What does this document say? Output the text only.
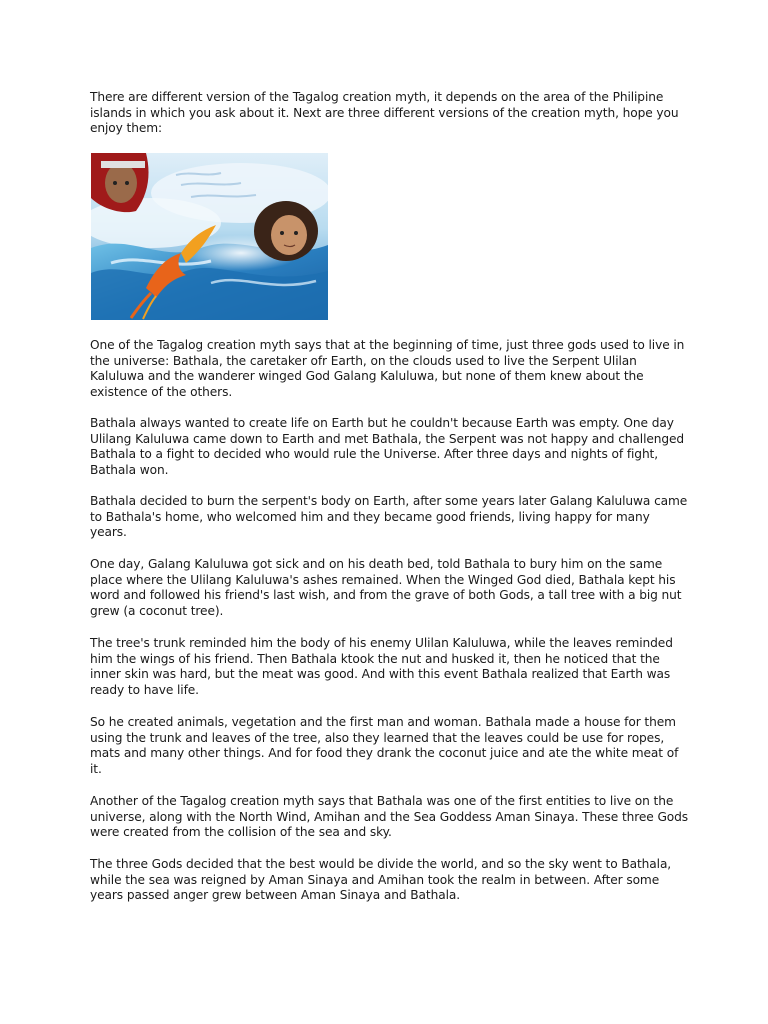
There are different version of the Tagalog creation myth, it depends on the area of the Philipine islands in which you ask about it. Next are three different versions of the creation myth, hope you enjoy them:

One of the Tagalog creation myth says that at the beginning of time, just three gods used to live in the universe: Bathala, the caretaker ofr Earth, on the clouds used to live the Serpent Ulilan Kaluluwa and the wanderer winged God Galang Kaluluwa, but none of them knew about the existence of the others.

Bathala always wanted to create life on Earth but he couldn't because Earth was empty. One day Ulilang Kaluluwa came down to Earth and met Bathala, the Serpent was not happy and challenged Bathala to a fight to decided who would rule the Universe. After three days and nights of fight, Bathala won.

Bathala decided to burn the serpent's body on Earth, after some years later Galang Kaluluwa came to Bathala's home, who welcomed him and they became good friends, living happy for many years.

One day, Galang Kaluluwa got sick and on his death bed, told Bathala to bury him on the same place where the Ulilang Kaluluwa's ashes remained. When the Winged God died, Bathala kept his word and followed his friend's last wish, and from the grave of both Gods, a tall tree with a big nut grew (a coconut tree).

The tree's trunk reminded him the body of his enemy Ulilan Kaluluwa, while the leaves reminded him the wings of his friend. Then Bathala ktook the nut and husked it, then he noticed that the inner skin was hard, but the meat was good. And with this event Bathala realized that Earth was ready to have life.

So he created animals, vegetation and the first man and woman. Bathala made a house for them using the trunk and leaves of the tree, also they learned that the leaves could be use for ropes, mats and many other things. And for food they drank the coconut juice and ate the white meat of it.

Another of the Tagalog creation myth says that Bathala was one of the first entities to live on the universe, along with the North Wind, Amihan and the Sea Goddess Aman Sinaya. These three Gods were created from the collision of the sea and sky.

The three Gods decided that the best would be divide the world, and so the sky went to Bathala, while the sea was reigned by Aman Sinaya and Amihan took the realm in between. After some years passed anger grew between Aman Sinaya and Bathala.
